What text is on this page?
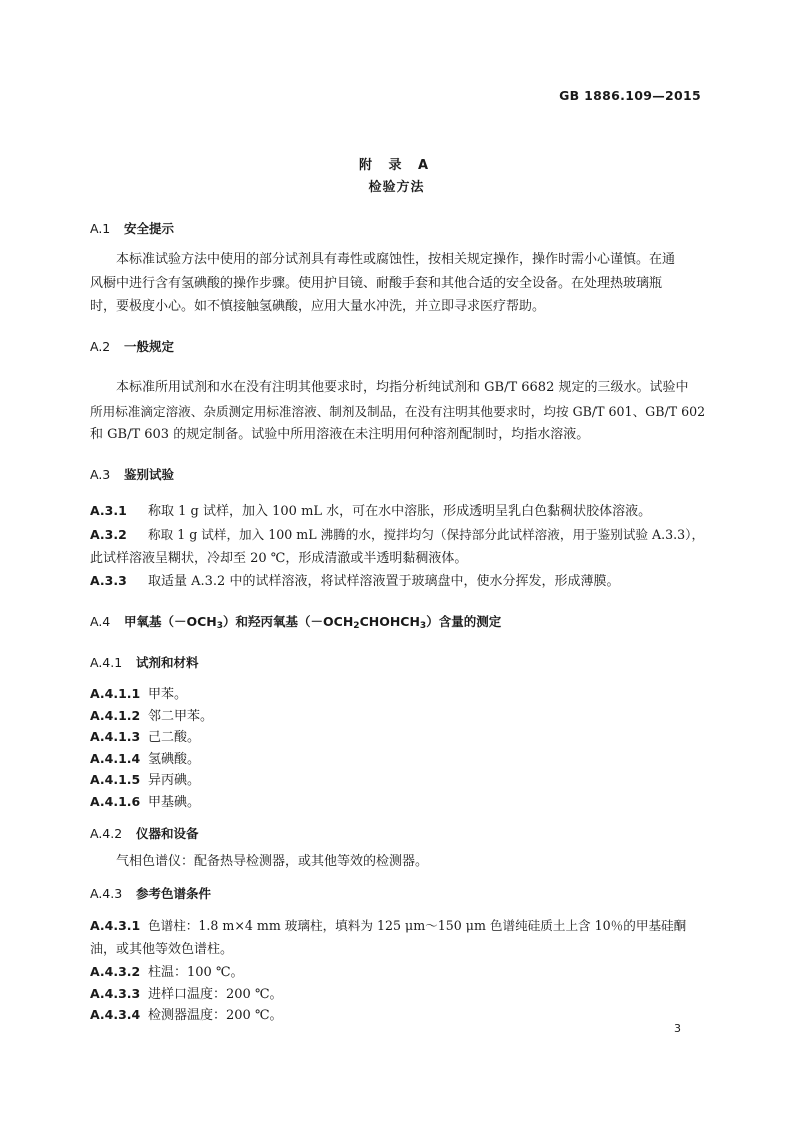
GB 1886.109—2015
附 录 A
检验方法
A.1 安全提示
本标准试验方法中使用的部分试剂具有毒性或腐蚀性，按相关规定操作，操作时需小心谨慎。在通
风橱中进行含有氢碘酸的操作步骤。使用护目镜、耐酸手套和其他合适的安全设备。在处理热玻璃瓶
时，要极度小心。如不慎接触氢碘酸，应用大量水冲洗，并立即寻求医疗帮助。
A.2 一般规定
本标准所用试剂和水在没有注明其他要求时，均指分析纯试剂和 GB/T 6682 规定的三级水。试验中
所用标准滴定溶液、杂质测定用标准溶液、制剂及制品，在没有注明其他要求时，均按 GB/T 601、GB/T 602
和 GB/T 603 的规定制备。试验中所用溶液在未注明用何种溶剂配制时，均指水溶液。
A.3 鉴别试验
A.3.1 称取 1 g 试样，加入 100 mL 水，可在水中溶胀，形成透明呈乳白色黏稠状胶体溶液。
A.3.2 称取 1 g 试样，加入 100 mL 沸腾的水，搅拌均匀（保持部分此试样溶液，用于鉴别试验 A.3.3），
此试样溶液呈糊状，冷却至 20 ℃，形成清澈或半透明黏稠液体。
A.3.3 取适量 A.3.2 中的试样溶液，将试样溶液置于玻璃盘中，使水分挥发，形成薄膜。
A.4 甲氧基$(-OCH_3)$和羟丙氧基$(-OCH_2CHOHCH_3)$含量的测定
A.4.1 试剂和材料
A.4.1.1 甲苯。
A.4.1.2 邻二甲苯。
A.4.1.3 己二酸。
A.4.1.4 氢碘酸。
A.4.1.5 异丙碘。
A.4.1.6 甲基碘。
A.4.2 仪器和设备
气相色谱仪：配备热导检测器，或其他等效的检测器。
A.4.3 参考色谱条件
A.4.3.1 色谱柱：1.8 m×4 mm 玻璃柱，填料为 125 μm～150 μm 色谱纯硅质土上含 10％的甲基硅酮
油，或其他等效色谱柱。
A.4.3.2 柱温：100 ℃。
A.4.3.3 进样口温度：200 ℃。
A.4.3.4 检测器温度：200 ℃。
3
